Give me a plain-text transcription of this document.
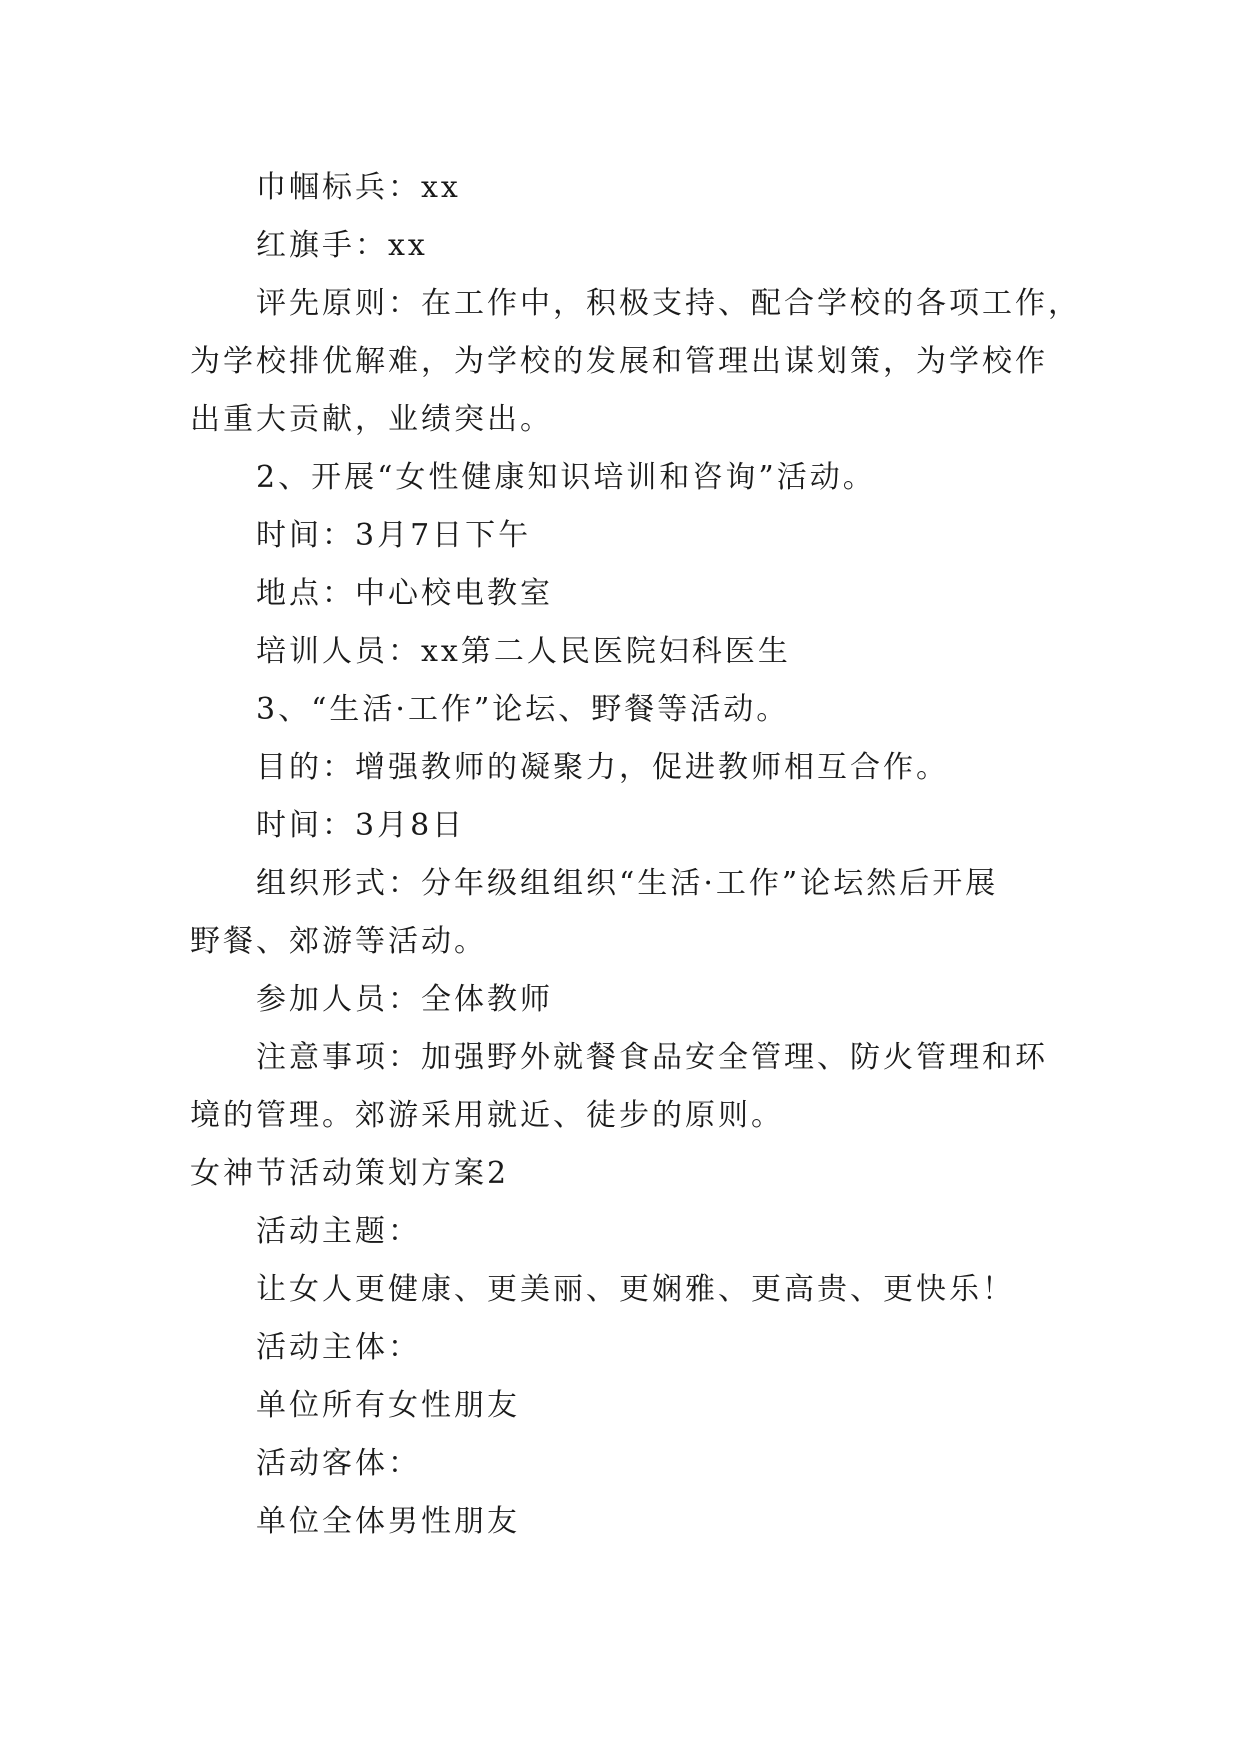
巾帼标兵：xx
红旗手：xx
评先原则：在工作中，积极支持、配合学校的各项工作，
为学校排优解难，为学校的发展和管理出谋划策，为学校作
出重大贡献，业绩突出。
2、开展“女性健康知识培训和咨询”活动。
时间：3月7日下午
地点：中心校电教室
培训人员：xx第二人民医院妇科医生
3、“生活·工作”论坛、野餐等活动。
目的：增强教师的凝聚力，促进教师相互合作。
时间：3月8日
组织形式：分年级组组织“生活·工作”论坛然后开展
野餐、郊游等活动。
参加人员：全体教师
注意事项：加强野外就餐食品安全管理、防火管理和环
境的管理。郊游采用就近、徒步的原则。
女神节活动策划方案2
活动主题：
让女人更健康、更美丽、更娴雅、更高贵、更快乐！
活动主体：
单位所有女性朋友
活动客体：
单位全体男性朋友
